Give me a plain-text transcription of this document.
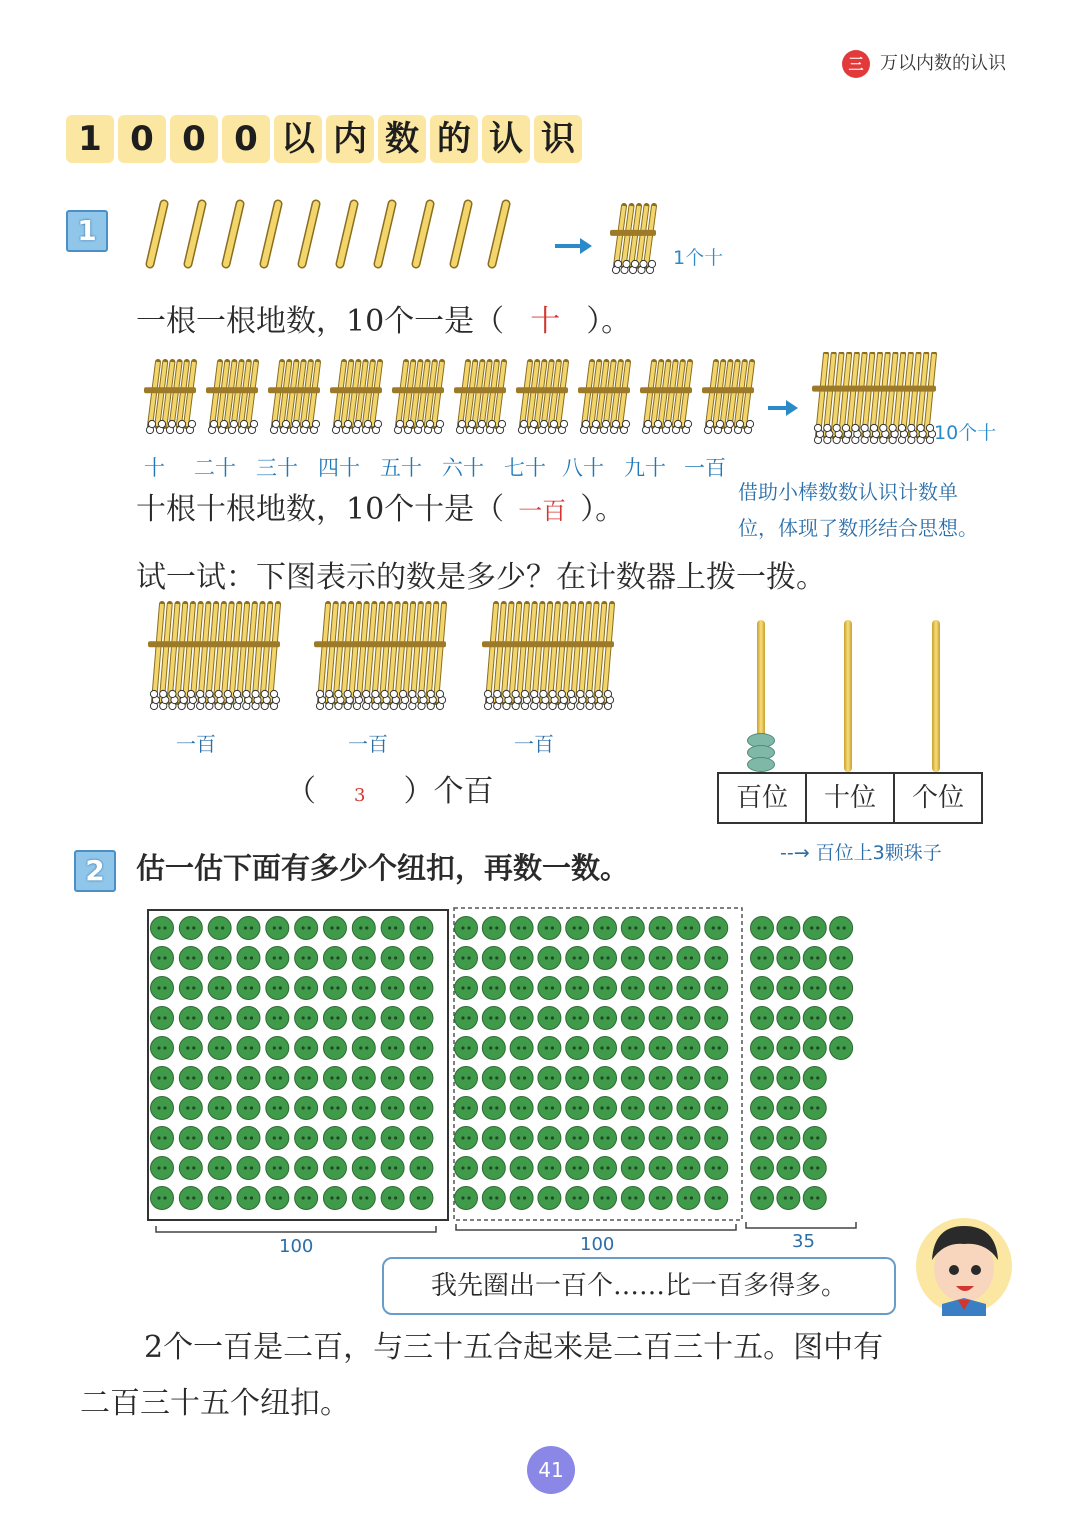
三 万以内数的认识
1 0 0 0 以 内 数 的 认 识
1
1个十
一根一根地数，10个一是（ 十 ）。
10个十
十 二十 三十 四十 五十 六十 七十 八十 九十 一百
十根十根地数，10个十是（ 一百 ）。	借助小棒数数认识计数单
位，体现了数形结合思想。
试一试：下图表示的数是多少？在计数器上拨一拨。
一百	一百	一百
（ 3 ）个百	百位	十位	个位
--→ 百位上3颗珠子
2	估一估下面有多少个纽扣，再数一数。
100	100	35
我先圈出一百个……比一百多得多。
2个一百是二百，与三十五合起来是二百三十五。图中有
二百三十五个纽扣。
41
